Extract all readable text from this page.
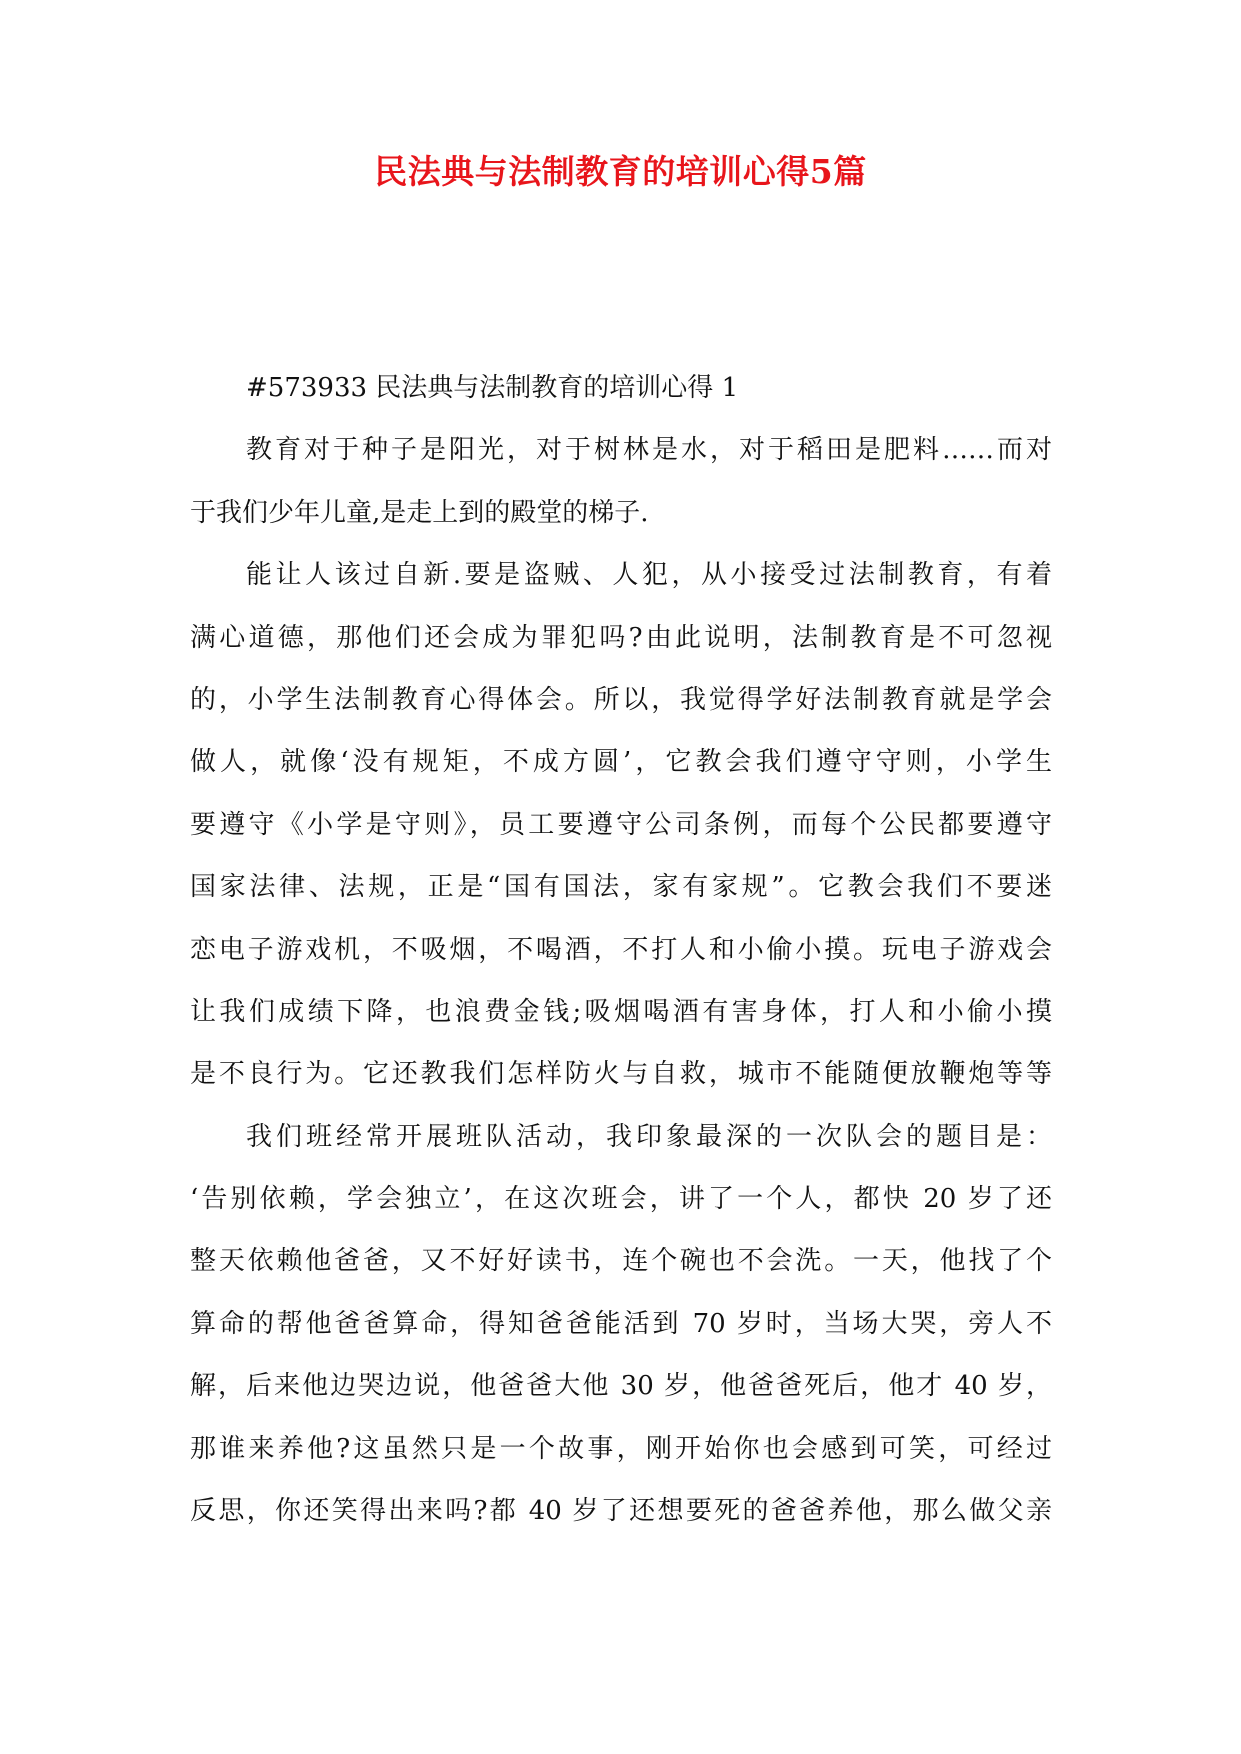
民法典与法制教育的培训心得5篇
#573933 民法典与法制教育的培训心得 1
教育对于种子是阳光，对于树林是水，对于稻田是肥料……而对
于我们少年儿童,是走上到的殿堂的梯子.
能让人该过自新.要是盗贼、人犯，从小接受过法制教育，有着
满心道德，那他们还会成为罪犯吗?由此说明，法制教育是不可忽视
的，小学生法制教育心得体会。所以，我觉得学好法制教育就是学会
做人，就像‘没有规矩，不成方圆’，它教会我们遵守守则，小学生
要遵守《小学是守则》，员工要遵守公司条例，而每个公民都要遵守
国家法律、法规，正是“国有国法，家有家规”。它教会我们不要迷
恋电子游戏机，不吸烟，不喝酒，不打人和小偷小摸。玩电子游戏会
让我们成绩下降，也浪费金钱;吸烟喝酒有害身体，打人和小偷小摸
是不良行为。它还教我们怎样防火与自救，城市不能随便放鞭炮等等
我们班经常开展班队活动，我印象最深的一次队会的题目是：
‘告别依赖，学会独立’，在这次班会，讲了一个人，都快 20 岁了还
整天依赖他爸爸，又不好好读书，连个碗也不会洗。一天，他找了个
算命的帮他爸爸算命，得知爸爸能活到 70 岁时，当场大哭，旁人不
解，后来他边哭边说，他爸爸大他 30 岁，他爸爸死后，他才 40 岁，
那谁来养他?这虽然只是一个故事，刚开始你也会感到可笑，可经过
反思，你还笑得出来吗?都 40 岁了还想要死的爸爸养他，那么做父亲
